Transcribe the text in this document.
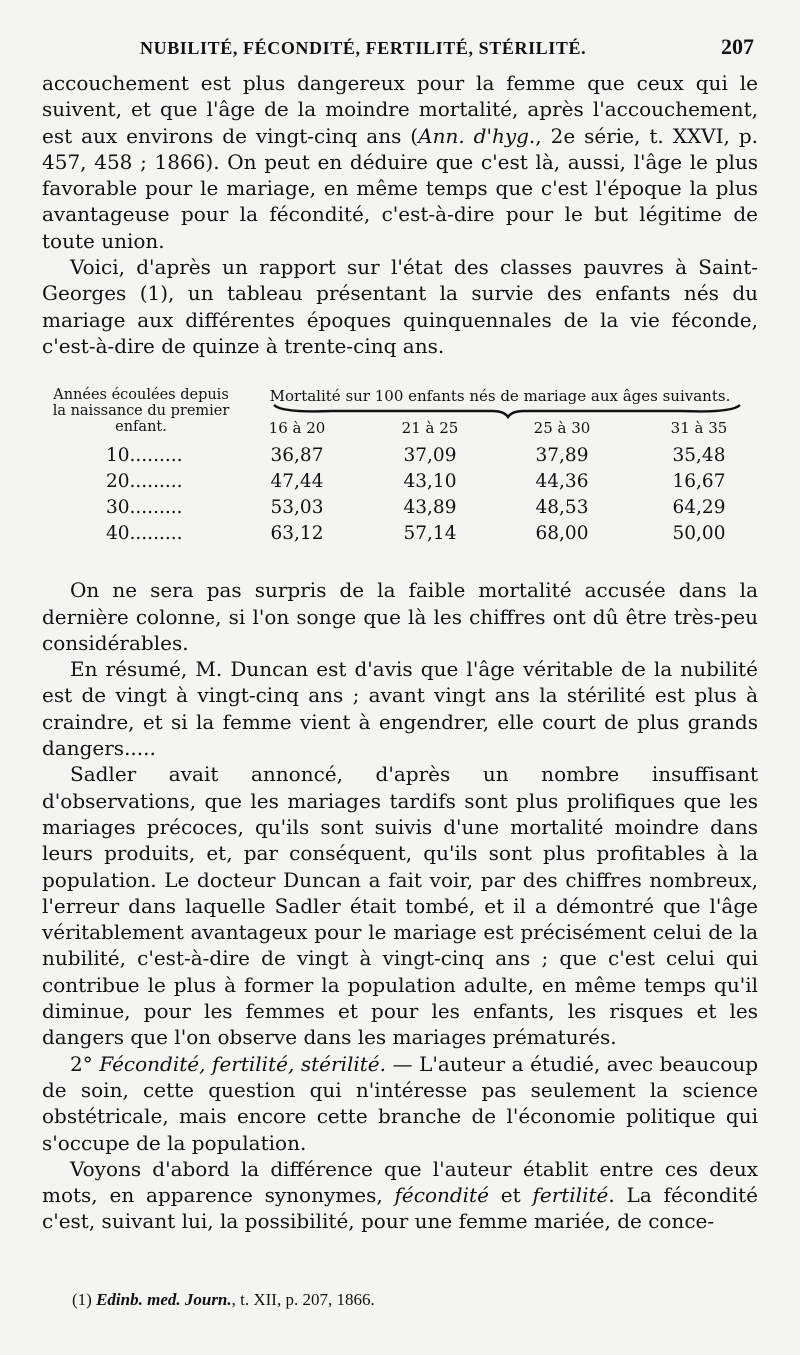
NUBILITÉ, FÉCONDITÉ, FERTILITÉ, STÉRILITÉ.	207

accouchement est plus dangereux pour la femme que ceux qui le suivent, et que l'âge de la moindre mortalité, après l'accouchement, est aux environs de vingt-cinq ans (Ann. d'hyg., 2e série, t. XXVI, p. 457, 458 ; 1866). On peut en déduire que c'est là, aussi, l'âge le plus favorable pour le mariage, en même temps que c'est l'époque la plus avantageuse pour la fécondité, c'est-à-dire pour le but légitime de toute union.

Voici, d'après un rapport sur l'état des classes pauvres à Saint-Georges (1), un tableau présentant la survie des enfants nés du mariage aux différentes époques quinquennales de la vie féconde, c'est-à-dire de quinze à trente-cinq ans.

Années écoulées depuis la naissance du premier enfant.
Mortalité sur 100 enfants nés de mariage aux âges suivants.
16 à 20	21 à 25	25 à 30	31 à 35
10.........	36,87	37,09	37,89	35,48
20.........	47,44	43,10	44,36	16,67
30.........	53,03	43,89	48,53	64,29
40.........	63,12	57,14	68,00	50,00

On ne sera pas surpris de la faible mortalité accusée dans la dernière colonne, si l'on songe que là les chiffres ont dû être très-peu considérables.

En résumé, M. Duncan est d'avis que l'âge véritable de la nubilité est de vingt à vingt-cinq ans ; avant vingt ans la stérilité est plus à craindre, et si la femme vient à engendrer, elle court de plus grands dangers.....

Sadler avait annoncé, d'après un nombre insuffisant d'observations, que les mariages tardifs sont plus prolifiques que les mariages précoces, qu'ils sont suivis d'une mortalité moindre dans leurs produits, et, par conséquent, qu'ils sont plus profitables à la population. Le docteur Duncan a fait voir, par des chiffres nombreux, l'erreur dans laquelle Sadler était tombé, et il a démontré que l'âge véritablement avantageux pour le mariage est précisément celui de la nubilité, c'est-à-dire de vingt à vingt-cinq ans ; que c'est celui qui contribue le plus à former la population adulte, en même temps qu'il diminue, pour les femmes et pour les enfants, les risques et les dangers que l'on observe dans les mariages prématurés.

2° Fécondité, fertilité, stérilité. — L'auteur a étudié, avec beaucoup de soin, cette question qui n'intéresse pas seulement la science obstétricale, mais encore cette branche de l'économie politique qui s'occupe de la population.

Voyons d'abord la différence que l'auteur établit entre ces deux mots, en apparence synonymes, fécondité et fertilité. La fécondité c'est, suivant lui, la possibilité, pour une femme mariée, de conce-

(1) Edinb. med. Journ., t. XII, p. 207, 1866.
